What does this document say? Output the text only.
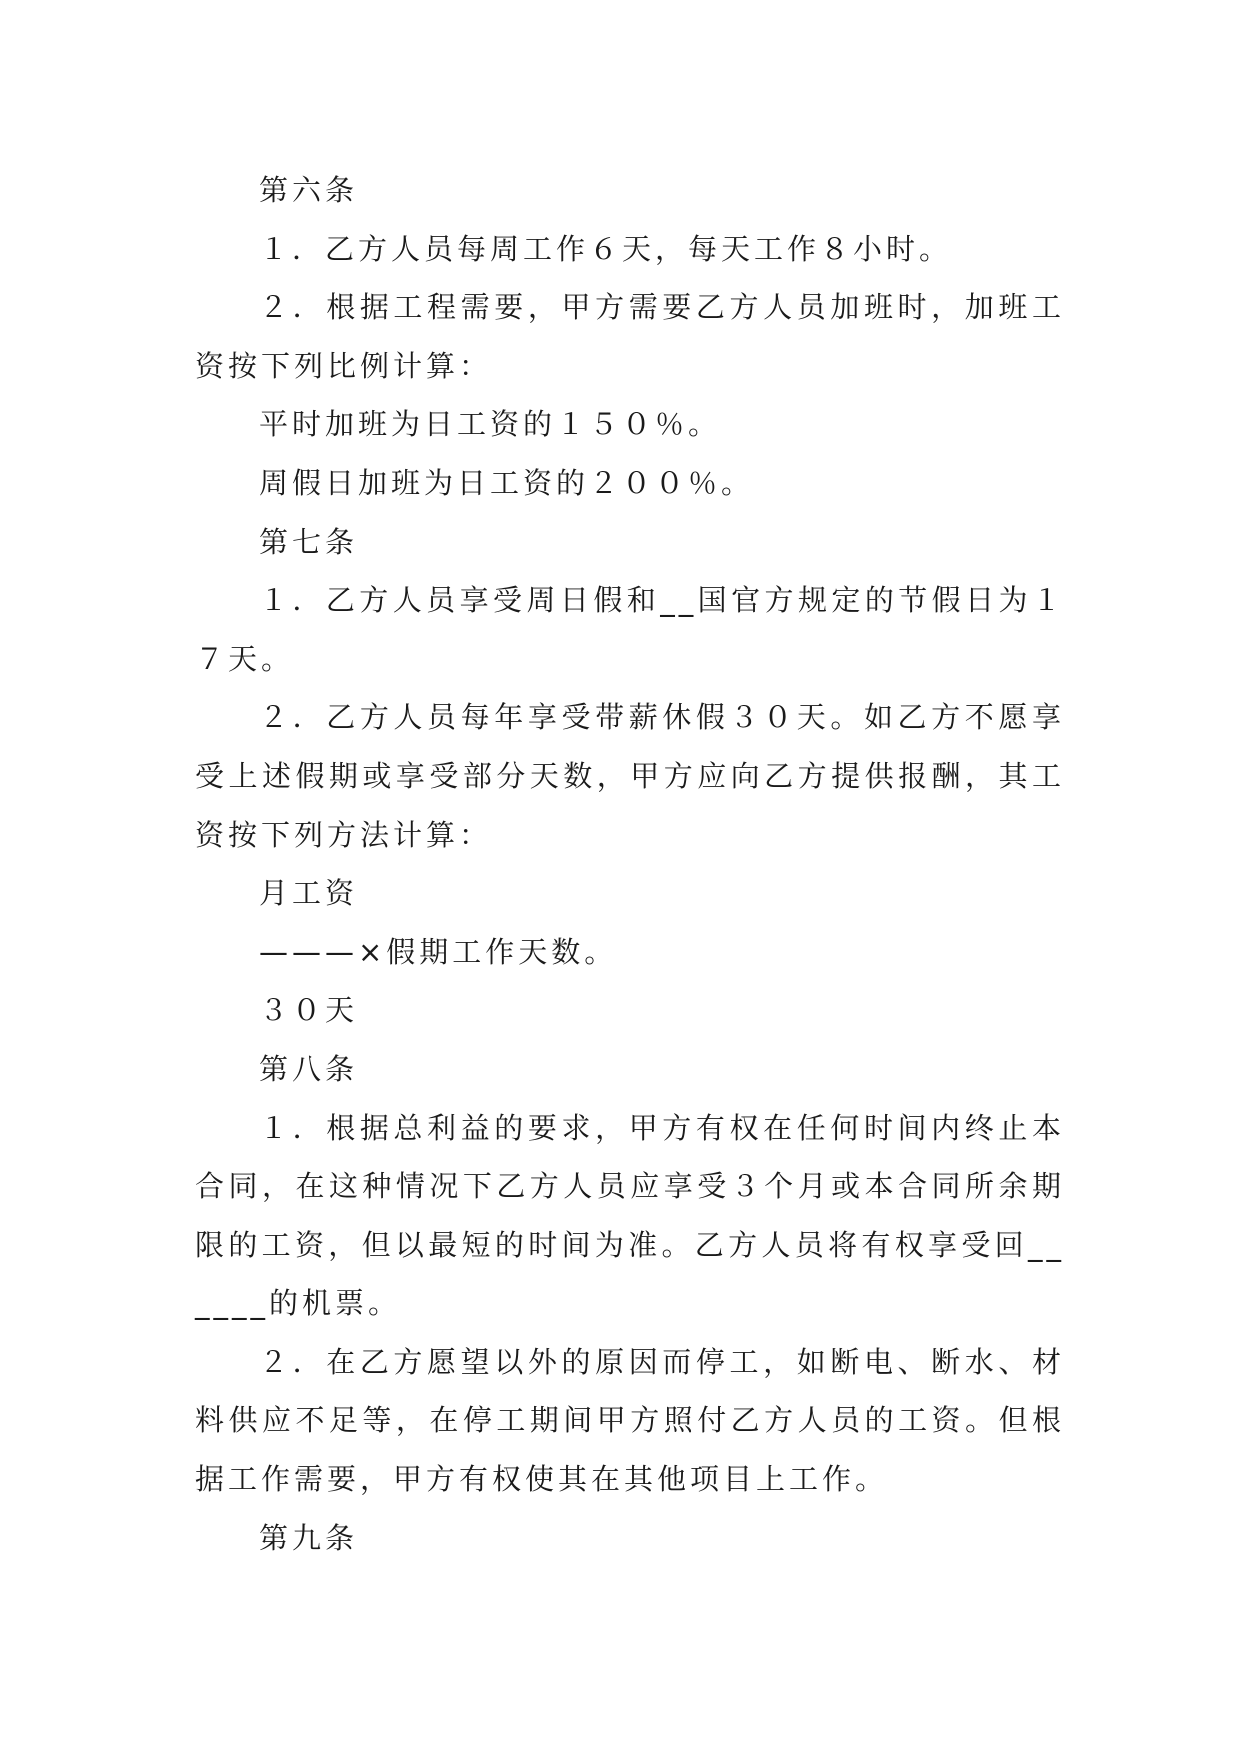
第六条

１．乙方人员每周工作６天，每天工作８小时。

２．根据工程需要，甲方需要乙方人员加班时，加班工资按下列比例计算：

平时加班为日工资的１５０％。

周假日加班为日工资的２００％。

第七条

１．乙方人员享受周日假和__国官方规定的节假日为１７天。

２．乙方人员每年享受带薪休假３０天。如乙方不愿享受上述假期或享受部分天数，甲方应向乙方提供报酬，其工资按下列方法计算：

月工资

———×假期工作天数。

３０天

第八条

１．根据总利益的要求，甲方有权在任何时间内终止本合同，在这种情况下乙方人员应享受３个月或本合同所余期限的工资，但以最短的时间为准。乙方人员将有权享受回______的机票。

２．在乙方愿望以外的原因而停工，如断电、断水、材料供应不足等，在停工期间甲方照付乙方人员的工资。但根据工作需要，甲方有权使其在其他项目上工作。

第九条
